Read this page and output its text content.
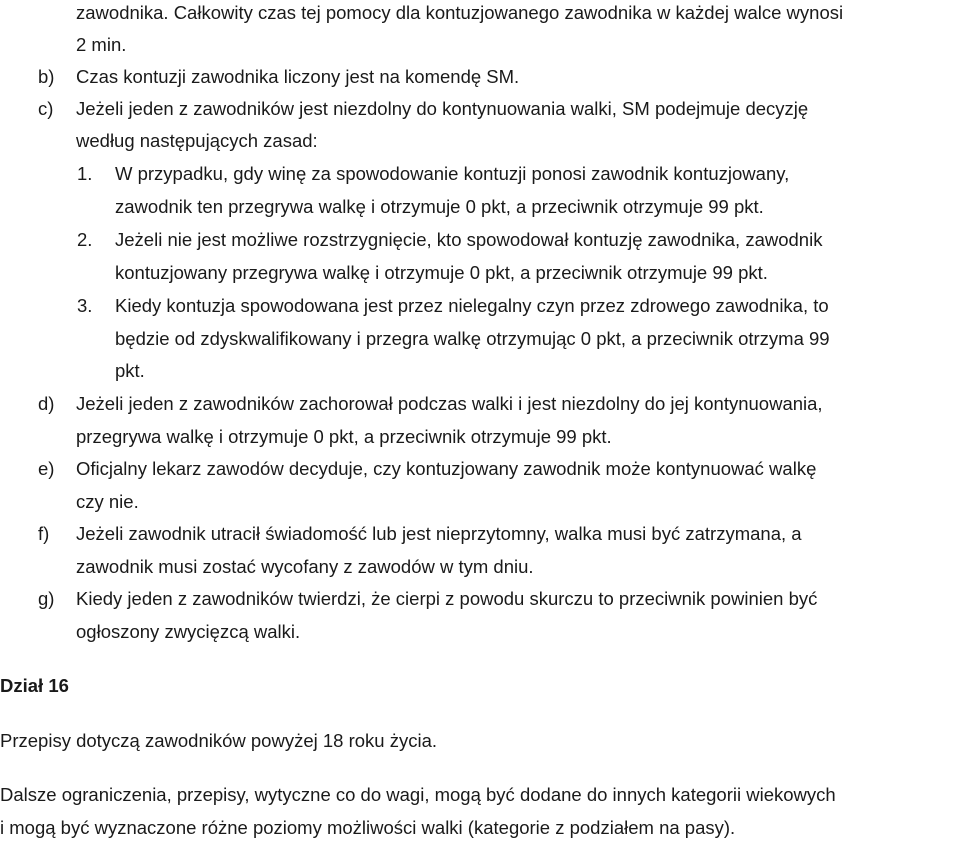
zawodnika. Całkowity czas tej pomocy dla kontuzjowanego zawodnika w każdej walce wynosi
2 min.
b) Czas kontuzji zawodnika liczony jest na komendę SM.
c) Jeżeli jeden z zawodników jest niezdolny do kontynuowania walki, SM podejmuje decyzję
według następujących zasad:
1. W przypadku, gdy winę za spowodowanie kontuzji ponosi zawodnik kontuzjowany,
zawodnik ten przegrywa walkę i otrzymuje 0 pkt, a przeciwnik otrzymuje 99 pkt.
2. Jeżeli nie jest możliwe rozstrzygnięcie, kto spowodował kontuzję zawodnika, zawodnik
kontuzjowany przegrywa walkę i otrzymuje 0 pkt, a przeciwnik otrzymuje 99 pkt.
3. Kiedy kontuzja spowodowana jest przez nielegalny czyn przez zdrowego zawodnika, to
będzie od zdyskwalifikowany i przegra walkę otrzymując 0 pkt, a przeciwnik otrzyma 99
pkt.
d) Jeżeli jeden z zawodników zachorował podczas walki i jest niezdolny do jej kontynuowania,
przegrywa walkę i otrzymuje 0 pkt, a przeciwnik otrzymuje 99 pkt.
e) Oficjalny lekarz zawodów decyduje, czy kontuzjowany zawodnik może kontynuować walkę
czy nie.
f) Jeżeli zawodnik utracił świadomość lub jest nieprzytomny, walka musi być zatrzymana, a
zawodnik musi zostać wycofany z zawodów w tym dniu.
g) Kiedy jeden z zawodników twierdzi, że cierpi z powodu skurczu to przeciwnik powinien być
ogłoszony zwycięzcą walki.
Dział 16
Przepisy dotyczą zawodników powyżej 18 roku życia.
Dalsze ograniczenia, przepisy, wytyczne co do wagi, mogą być dodane do innych kategorii wiekowych
i mogą być wyznaczone różne poziomy możliwości walki (kategorie z podziałem na pasy).
